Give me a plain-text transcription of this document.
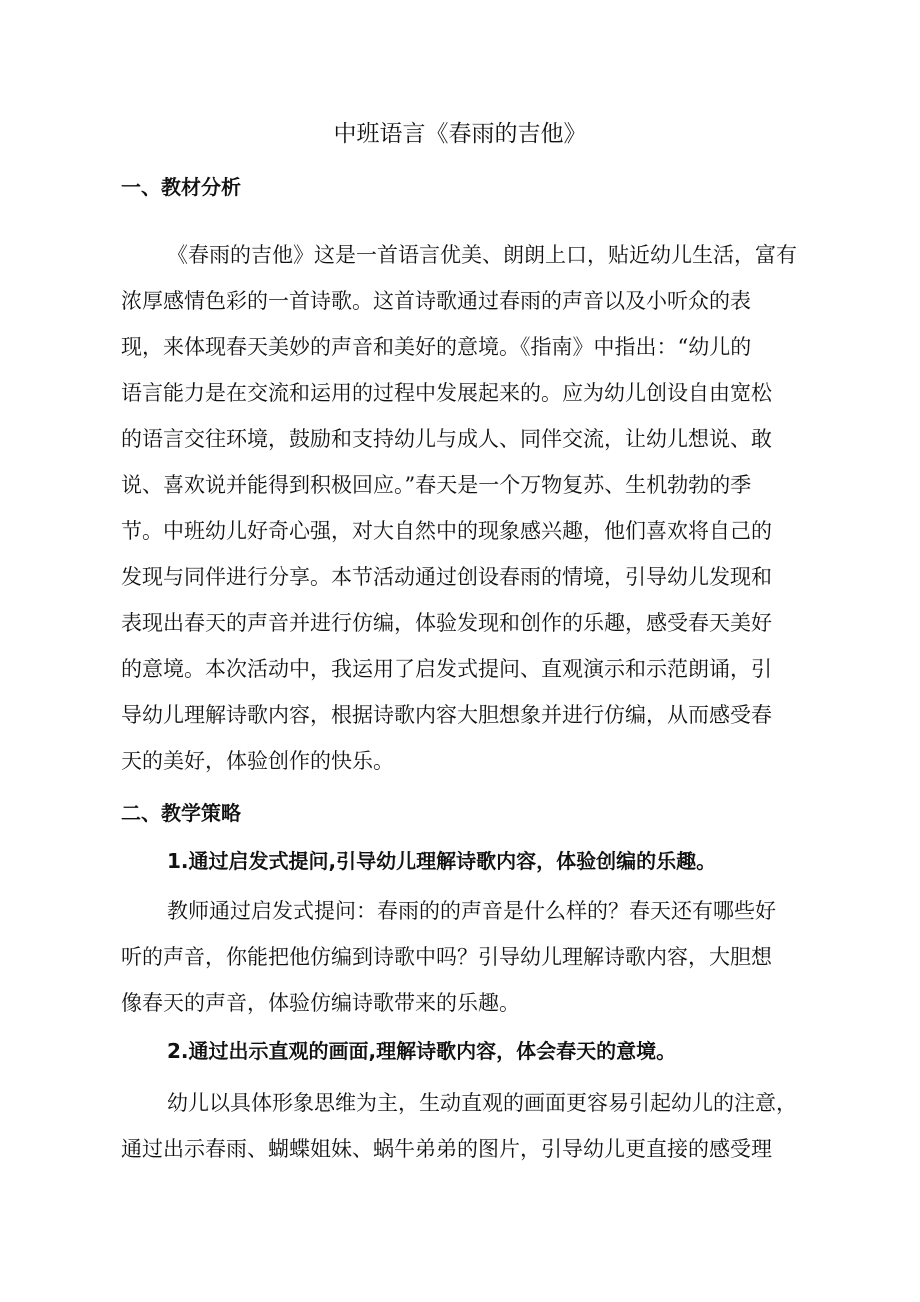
中班语言《春雨的吉他》
一、教材分析

《春雨的吉他》这是一首语言优美、朗朗上口，贴近幼儿生活，富有

浓厚感情色彩的一首诗歌。这首诗歌通过春雨的声音以及小听众的表

现，来体现春天美妙的声音和美好的意境。《指南》中指出：“幼儿的

语言能力是在交流和运用的过程中发展起来的。应为幼儿创设自由宽松

的语言交往环境，鼓励和支持幼儿与成人、同伴交流，让幼儿想说、敢

说、喜欢说并能得到积极回应。”春天是一个万物复苏、生机勃勃的季

节。中班幼儿好奇心强，对大自然中的现象感兴趣，他们喜欢将自己的

发现与同伴进行分享。本节活动通过创设春雨的情境，引导幼儿发现和

表现出春天的声音并进行仿编，体验发现和创作的乐趣，感受春天美好

的意境。本次活动中，我运用了启发式提问、直观演示和示范朗诵，引

导幼儿理解诗歌内容，根据诗歌内容大胆想象并进行仿编，从而感受春

天的美好，体验创作的快乐。

二、教学策略
1.通过启发式提问,引导幼儿理解诗歌内容，体验创编的乐趣。

教师通过启发式提问：春雨的的声音是什么样的？春天还有哪些好

听的声音，你能把他仿编到诗歌中吗？引导幼儿理解诗歌内容，大胆想

像春天的声音，体验仿编诗歌带来的乐趣。

2.通过出示直观的画面,理解诗歌内容，体会春天的意境。

幼儿以具体形象思维为主，生动直观的画面更容易引起幼儿的注意，

通过出示春雨、蝴蝶姐妹、蜗牛弟弟的图片，引导幼儿更直接的感受理
